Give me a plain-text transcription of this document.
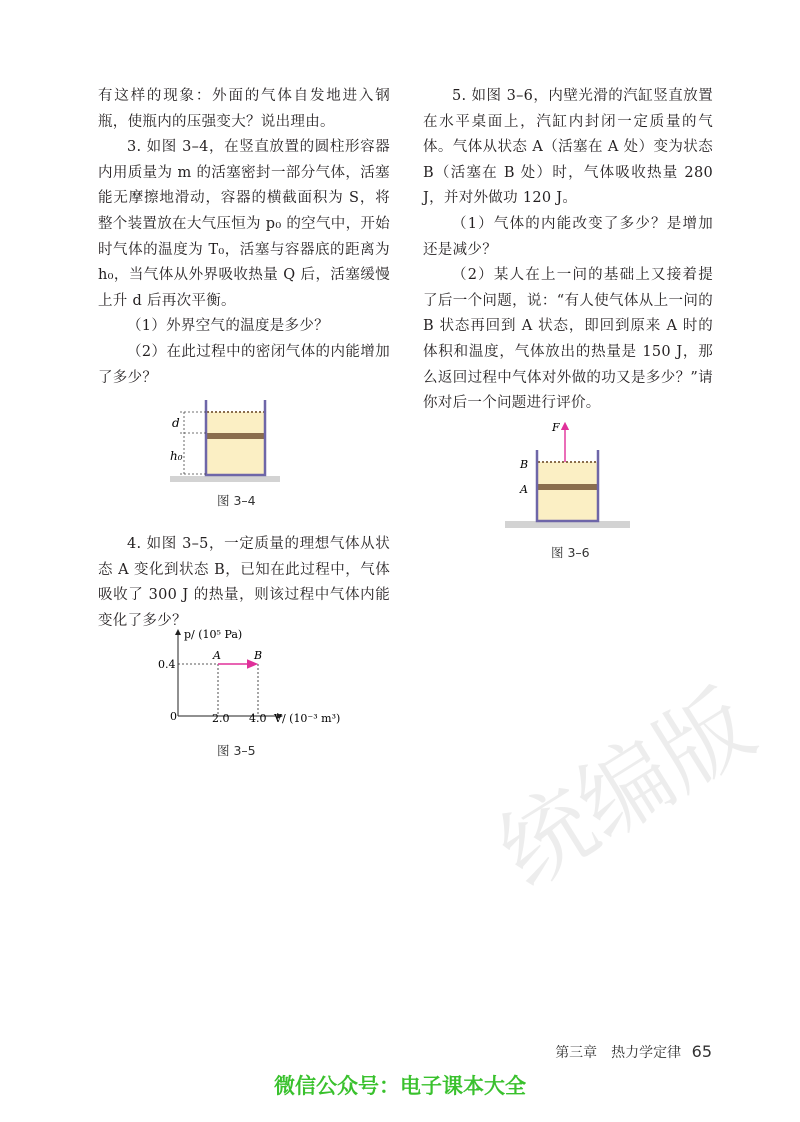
统编版

有这样的现象：外面的气体自发地进入钢瓶，使瓶内的压强变大？说出理由。

3. 如图 3–4，在竖直放置的圆柱形容器内用质量为 m 的活塞密封一部分气体，活塞能无摩擦地滑动，容器的横截面积为 S，将整个装置放在大气压恒为 p₀ 的空气中，开始时气体的温度为 T₀，活塞与容器底的距离为 h₀，当气体从外界吸收热量 Q 后，活塞缓慢上升 d 后再次平衡。

（1）外界空气的温度是多少？

（2）在此过程中的密闭气体的内能增加了多少？

d
h₀
图 3–4

4. 如图 3–5，一定质量的理想气体从状态 A 变化到状态 B，已知在此过程中，气体吸收了 300 J 的热量，则该过程中气体内能变化了多少？

p/ (10⁵ Pa)
0.4
0	2.0 4.0 V/ (10⁻³ m³)
A	B
图 3–5

5. 如图 3–6，内壁光滑的汽缸竖直放置在水平桌面上，汽缸内封闭一定质量的气体。气体从状态 A（活塞在 A 处）变为状态 B（活塞在 B 处）时，气体吸收热量 280 J，并对外做功 120 J。

（1）气体的内能改变了多少？是增加还是减少？

（2）某人在上一问的基础上又接着提了后一个问题，说：“有人使气体从上一问的 B 状态再回到 A 状态，即回到原来 A 时的体积和温度，气体放出的热量是 150 J，那么返回过程中气体对外做的功又是多少？”请你对后一个问题进行评价。

F
B
A
图 3–6
第三章　热力学定律 65
微信公众号：电子课本大全
